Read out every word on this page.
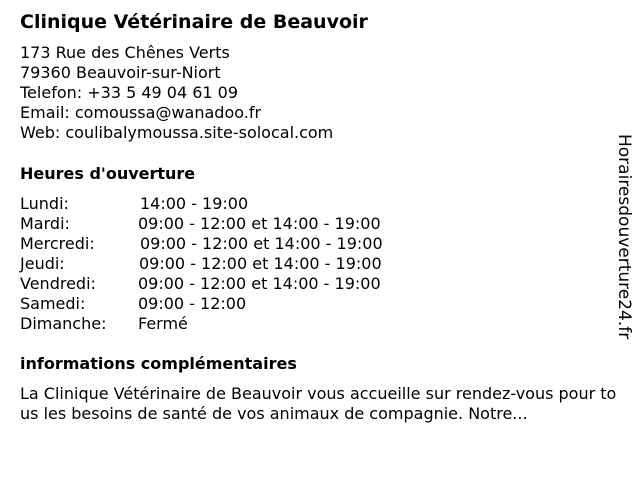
Clinique Vétérinaire de Beauvoir
173 Rue des Chênes Verts
79360 Beauvoir-sur-Niort
Telefon: +33 5 49 04 61 09
Email: comoussa@wanadoo.fr
Web: coulibalymoussa.site-solocal.com
Heures d'ouverture
Lundi:	14:00 - 19:00
Mardi:	09:00 - 12:00 et 14:00 - 19:00
Mercredi:	09:00 - 12:00 et 14:00 - 19:00
Jeudi:	09:00 - 12:00 et 14:00 - 19:00
Vendredi:	09:00 - 12:00 et 14:00 - 19:00
Samedi:	09:00 - 12:00
Dimanche: Fermé
informations complémentaires
La Clinique Vétérinaire de Beauvoir vous accueille sur rendez-vous pour tous les besoins de santé de vos animaux de compagnie. Notre...
Horairesdouverture24.fr
